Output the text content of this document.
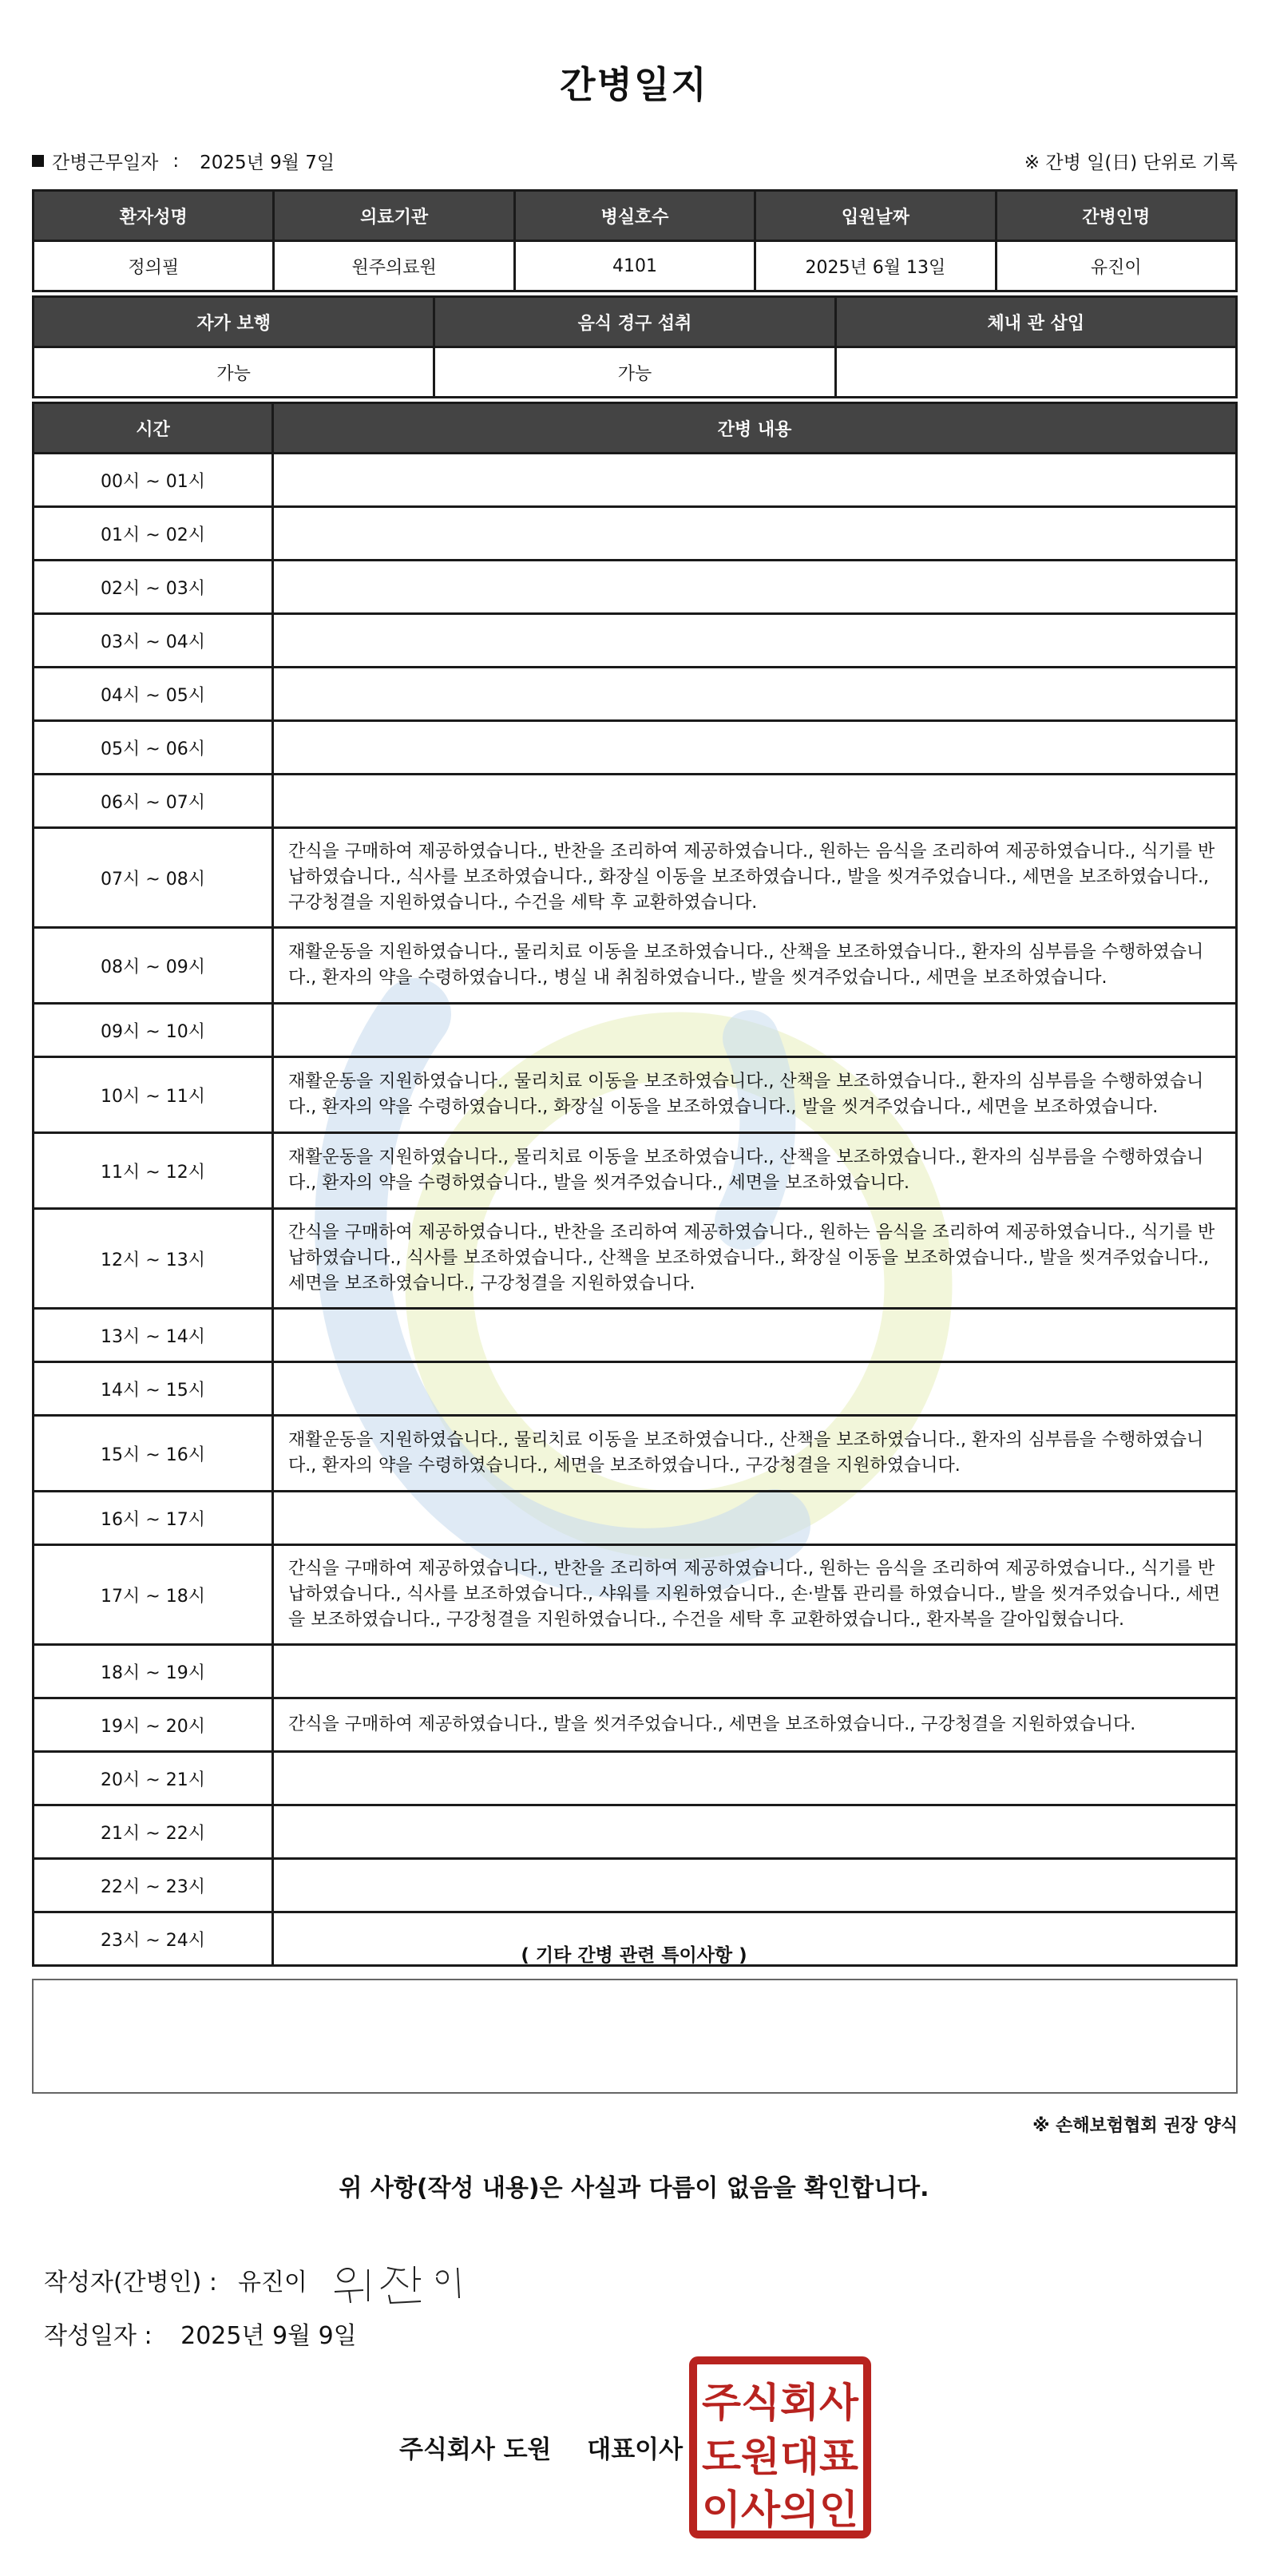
간병일지
간병근무일자 : 2025년 9월 7일	※ 간병 일(日) 단위로 기록
환자성명	의료기관	병실호수	입원날짜	간병인명
정의필	원주의료원	4101	2025년 6월 13일	유진이
자가 보행	음식 경구 섭취	체내 관 삽입
가능	가능	
시간	간병 내용
00시 ~ 01시	
01시 ~ 02시	
02시 ~ 03시	
03시 ~ 04시	
04시 ~ 05시	
05시 ~ 06시	
06시 ~ 07시	
07시 ~ 08시	간식을 구매하여 제공하였습니다., 반찬을 조리하여 제공하였습니다., 원하는 음식을 조리하여 제공하였습니다., 식기를 반납하였습니다., 식사를 보조하였습니다., 화장실 이동을 보조하였습니다., 발을 씻겨주었습니다., 세면을 보조하였습니다., 구강청결을 지원하였습니다., 수건을 세탁 후 교환하였습니다.
08시 ~ 09시	재활운동을 지원하였습니다., 물리치료 이동을 보조하였습니다., 산책을 보조하였습니다., 환자의 심부름을 수행하였습니다., 환자의 약을 수령하였습니다., 병실 내 취침하였습니다., 발을 씻겨주었습니다., 세면을 보조하였습니다.
09시 ~ 10시	
10시 ~ 11시	재활운동을 지원하였습니다., 물리치료 이동을 보조하였습니다., 산책을 보조하였습니다., 환자의 심부름을 수행하였습니다., 환자의 약을 수령하였습니다., 화장실 이동을 보조하였습니다., 발을 씻겨주었습니다., 세면을 보조하였습니다.
11시 ~ 12시	재활운동을 지원하였습니다., 물리치료 이동을 보조하였습니다., 산책을 보조하였습니다., 환자의 심부름을 수행하였습니다., 환자의 약을 수령하였습니다., 발을 씻겨주었습니다., 세면을 보조하였습니다.
12시 ~ 13시	간식을 구매하여 제공하였습니다., 반찬을 조리하여 제공하였습니다., 원하는 음식을 조리하여 제공하였습니다., 식기를 반납하였습니다., 식사를 보조하였습니다., 산책을 보조하였습니다., 화장실 이동을 보조하였습니다., 발을 씻겨주었습니다., 세면을 보조하였습니다., 구강청결을 지원하였습니다.
13시 ~ 14시	
14시 ~ 15시	
15시 ~ 16시	재활운동을 지원하였습니다., 물리치료 이동을 보조하였습니다., 산책을 보조하였습니다., 환자의 심부름을 수행하였습니다., 환자의 약을 수령하였습니다., 세면을 보조하였습니다., 구강청결을 지원하였습니다.
16시 ~ 17시	
17시 ~ 18시	간식을 구매하여 제공하였습니다., 반찬을 조리하여 제공하였습니다., 원하는 음식을 조리하여 제공하였습니다., 식기를 반납하였습니다., 식사를 보조하였습니다., 샤워를 지원하였습니다., 손·발톱 관리를 하였습니다., 발을 씻겨주었습니다., 세면을 보조하였습니다., 구강청결을 지원하였습니다., 수건을 세탁 후 교환하였습니다., 환자복을 갈아입혔습니다.
18시 ~ 19시	
19시 ~ 20시	간식을 구매하여 제공하였습니다., 발을 씻겨주었습니다., 세면을 보조하였습니다., 구강청결을 지원하였습니다.
20시 ~ 21시	
21시 ~ 22시	
22시 ~ 23시	
23시 ~ 24시	
( 기타 간병 관련 특이사항 )
※ 손해보험협회 권장 양식
위 사항(작성 내용)은 사실과 다름이 없음을 확인합니다.
작성자(간병인) : 유진이
작성일자 : 2025년 9월 9일
주식회사 도원 대표이사
주식회사
도원대표
이사의인
